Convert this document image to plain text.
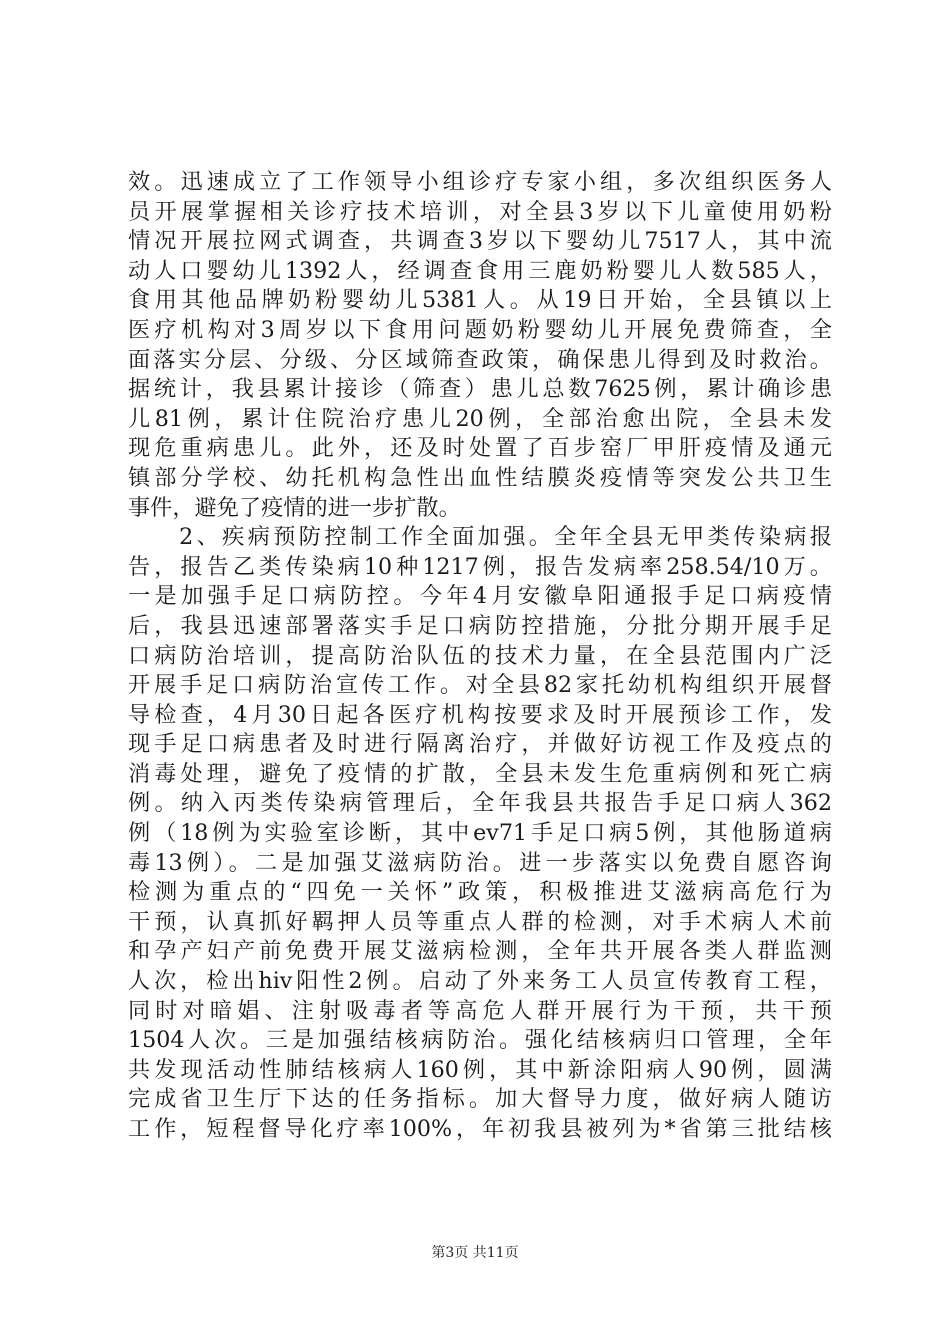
效。迅速成立了工作领导小组诊疗专家小组，多次组织医务人
员开展掌握相关诊疗技术培训，对全县3岁以下儿童使用奶粉
情况开展拉网式调查，共调查3岁以下婴幼儿7517人，其中流
动人口婴幼儿1392人，经调查食用三鹿奶粉婴儿人数585人，
食用其他品牌奶粉婴幼儿5381人。从19日开始，全县镇以上
医疗机构对3周岁以下食用问题奶粉婴幼儿开展免费筛查，全
面落实分层、分级、分区域筛查政策，确保患儿得到及时救治。
据统计，我县累计接诊（筛查）患儿总数7625例，累计确诊患
儿81例，累计住院治疗患儿20例，全部治愈出院，全县未发
现危重病患儿。此外，还及时处置了百步窑厂甲肝疫情及通元
镇部分学校、幼托机构急性出血性结膜炎疫情等突发公共卫生
事件，避免了疫情的进一步扩散。
　　2、疾病预防控制工作全面加强。全年全县无甲类传染病报
告，报告乙类传染病10种1217例，报告发病率258.54/10万。
一是加强手足口病防控。今年4月安徽阜阳通报手足口病疫情
后，我县迅速部署落实手足口病防控措施，分批分期开展手足
口病防治培训，提高防治队伍的技术力量，在全县范围内广泛
开展手足口病防治宣传工作。对全县82家托幼机构组织开展督
导检查，4月30日起各医疗机构按要求及时开展预诊工作，发
现手足口病患者及时进行隔离治疗，并做好访视工作及疫点的
消毒处理，避免了疫情的扩散，全县未发生危重病例和死亡病
例。纳入丙类传染病管理后，全年我县共报告手足口病人362
例（18例为实验室诊断，其中ev71手足口病5例，其他肠道病
毒13例）。二是加强艾滋病防治。进一步落实以免费自愿咨询
检测为重点的“四免一关怀”政策，积极推进艾滋病高危行为
干预，认真抓好羁押人员等重点人群的检测，对手术病人术前
和孕产妇产前免费开展艾滋病检测，全年共开展各类人群监测
人次，检出hiv阳性2例。启动了外来务工人员宣传教育工程，
同时对暗娼、注射吸毒者等高危人群开展行为干预，共干预
1504人次。三是加强结核病防治。强化结核病归口管理，全年
共发现活动性肺结核病人160例，其中新涂阳病人90例，圆满
完成省卫生厅下达的任务指标。加大督导力度，做好病人随访
工作，短程督导化疗率100%，年初我县被列为*省第三批结核
第3页 共11页
